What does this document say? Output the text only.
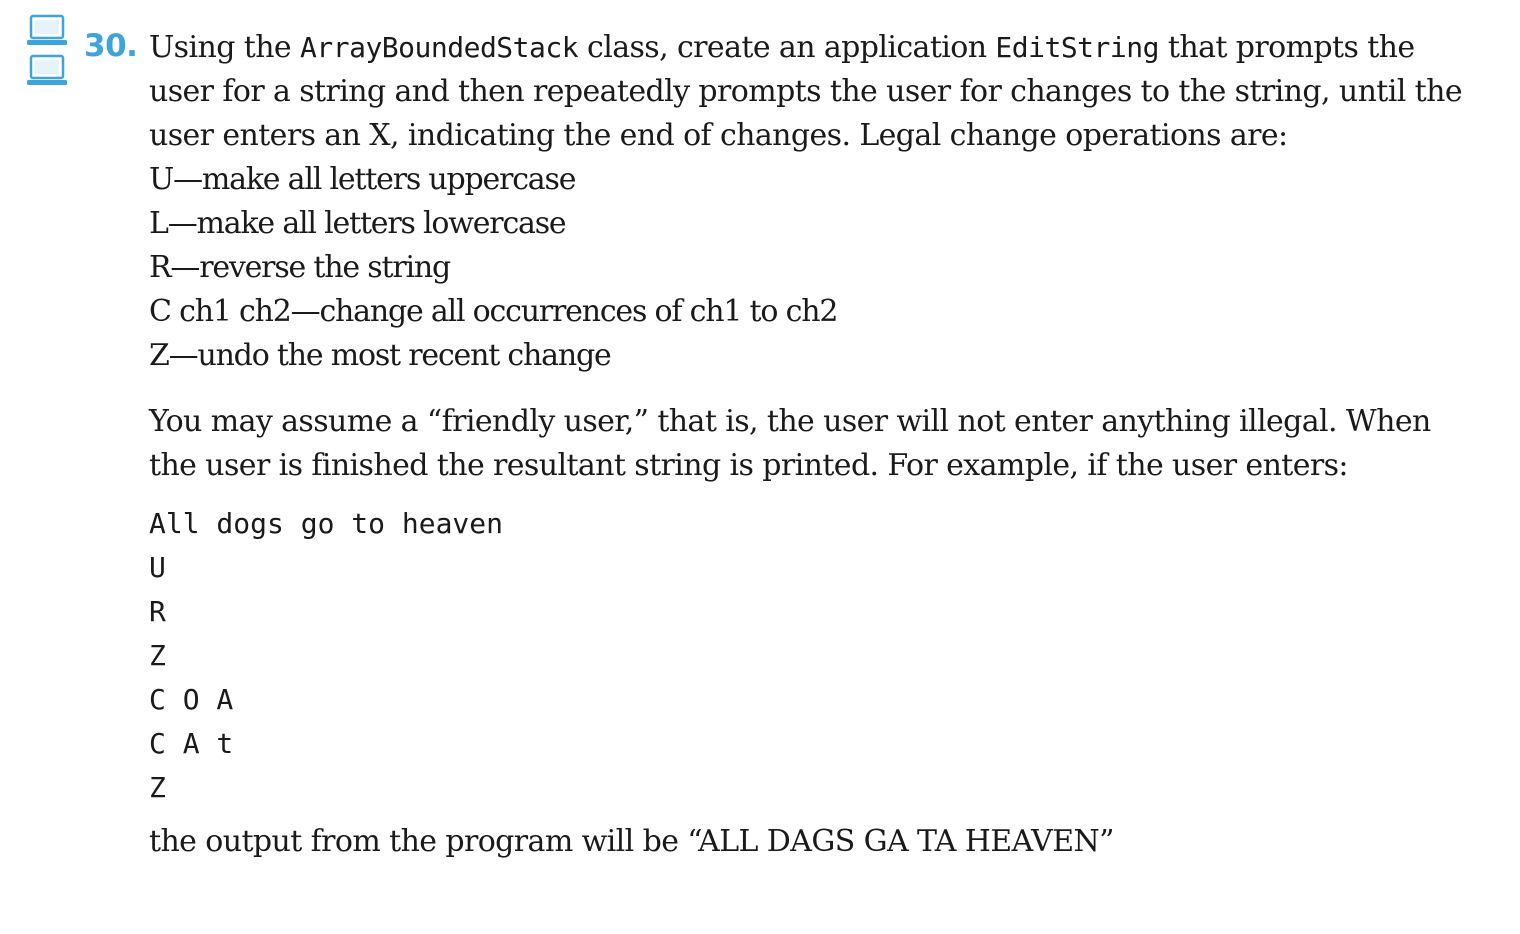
30. Using the ArrayBoundedStack class, create an application EditString that prompts the user for a string and then repeatedly prompts the user for changes to the string, until the user enters an X, indicating the end of changes. Legal change operations are:

U—make all letters uppercase
L—make all letters lowercase
R—reverse the string
C ch1 ch2—change all occurrences of ch1 to ch2
Z—undo the most recent change

You may assume a “friendly user,” that is, the user will not enter anything illegal. When the user is finished the resultant string is printed. For example, if the user enters:

All dogs go to heaven
U
R
Z
C O A
C A t
Z

the output from the program will be “ALL DAGS GA TA HEAVEN”
